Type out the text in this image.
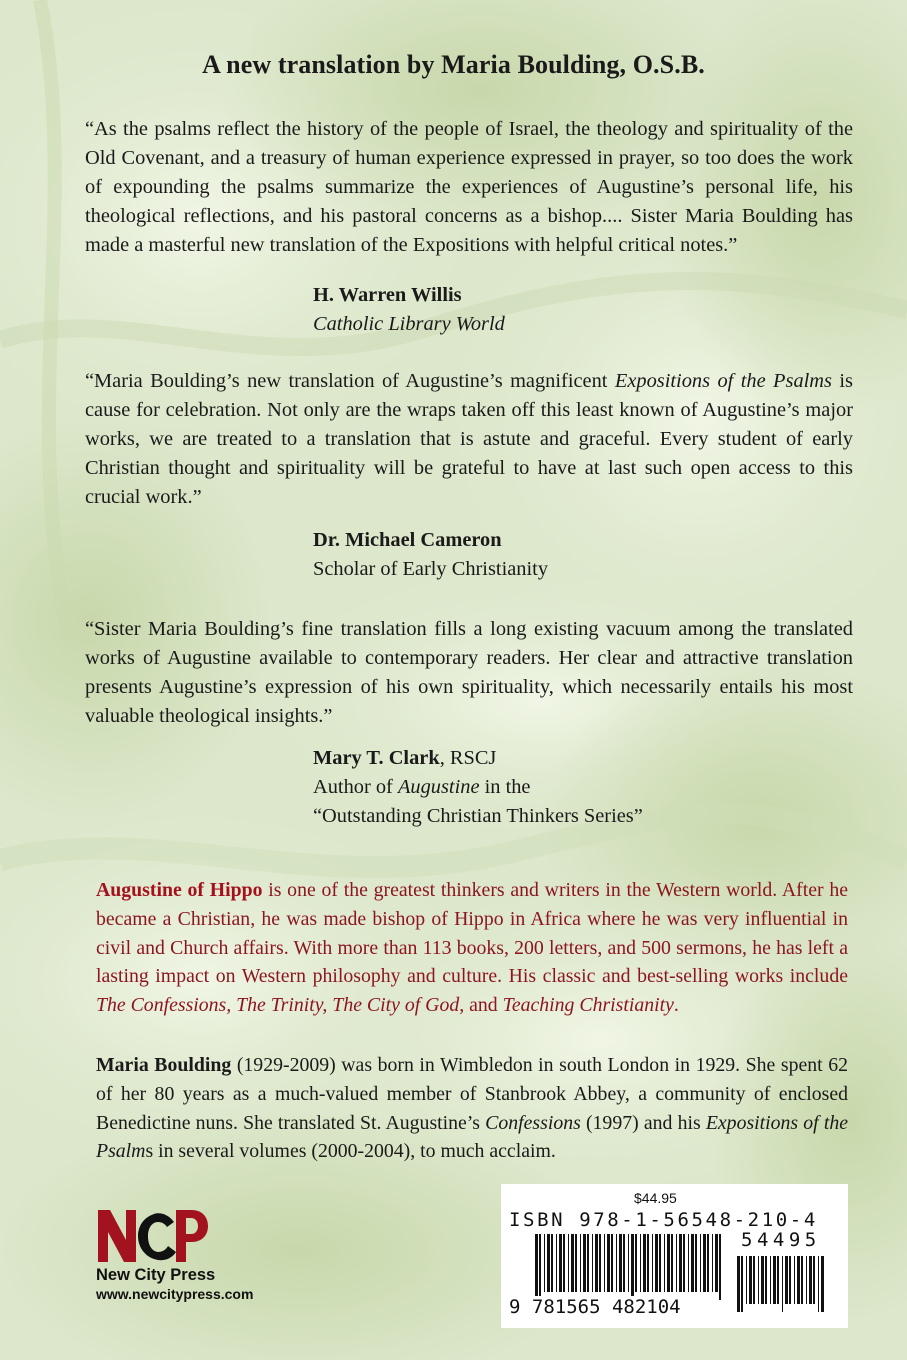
A new translation by Maria Boulding, O.S.B.

“As the psalms reflect the history of the people of Israel, the theology and spirituality of the Old Covenant, and a treasury of human experience expressed in prayer, so too does the work of expounding the psalms summarize the experiences of Augustine’s personal life, his theological reflections, and his pastoral concerns as a bishop.... Sister Maria Boulding has made a masterful new translation of the Expositions with helpful critical notes.”

H. Warren Willis
Catholic Library World

“Maria Boulding’s new translation of Augustine’s magnificent Expositions of the Psalms is cause for celebration. Not only are the wraps taken off this least known of Augustine’s major works, we are treated to a translation that is astute and graceful. Every student of early Christian thought and spirituality will be grateful to have at last such open access to this crucial work.”

Dr. Michael Cameron
Scholar of Early Christianity

“Sister Maria Boulding’s fine translation fills a long existing vacuum among the translated works of Augustine available to contemporary readers. Her clear and attractive translation presents Augustine’s expression of his own spirituality, which necessarily entails his most valuable theological insights.”

Mary T. Clark, RSCJ
Author of Augustine in the
“Outstanding Christian Thinkers Series”

Augustine of Hippo is one of the greatest thinkers and writers in the Western world. After he became a Christian, he was made bishop of Hippo in Africa where he was very influential in civil and Church affairs. With more than 113 books, 200 letters, and 500 sermons, he has left a lasting impact on Western philosophy and culture. His classic and best-selling works include The Confessions, The Trinity, The City of God, and Teaching Christianity.

Maria Boulding (1929-2009) was born in Wimbledon in south London in 1929. She spent 62 of her 80 years as a much-valued member of Stanbrook Abbey, a community of enclosed Benedictine nuns. She translated St. Augustine’s Confessions (1997) and his Expositions of the Psalms in several volumes (2000-2004), to much acclaim.

New City Press
www.newcitypress.com
$44.95
ISBN 978-1-56548-210-4
54495
9 781565 482104
